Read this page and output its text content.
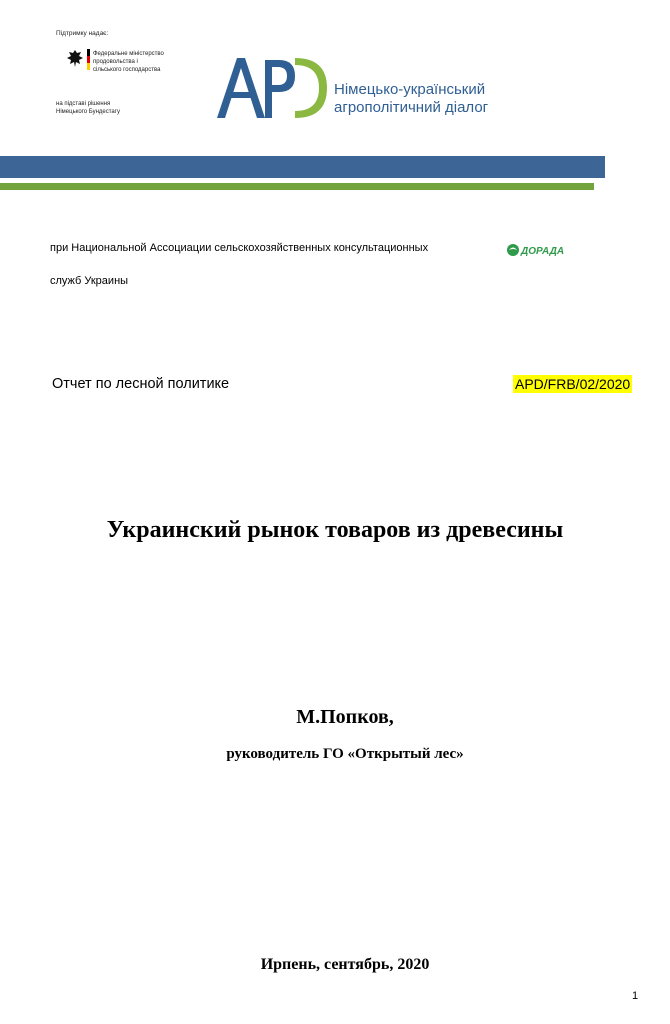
Підтримку надає:
Федеральне міністерство
продовольства і
сільського господарства
на підставі рішення
Німецького Бундестагу
Німецько-український
агрополітичний діалог
при Национальной Ассоциации сельскохозяйственных консультационных
служб Украины
ДОРАДА
Отчет по лесной политике	APD/FRB/02/2020
Украинский рынок товаров из древесины
М.Попков,
руководитель ГО «Открытый лес»
Ирпень, сентябрь, 2020
1
